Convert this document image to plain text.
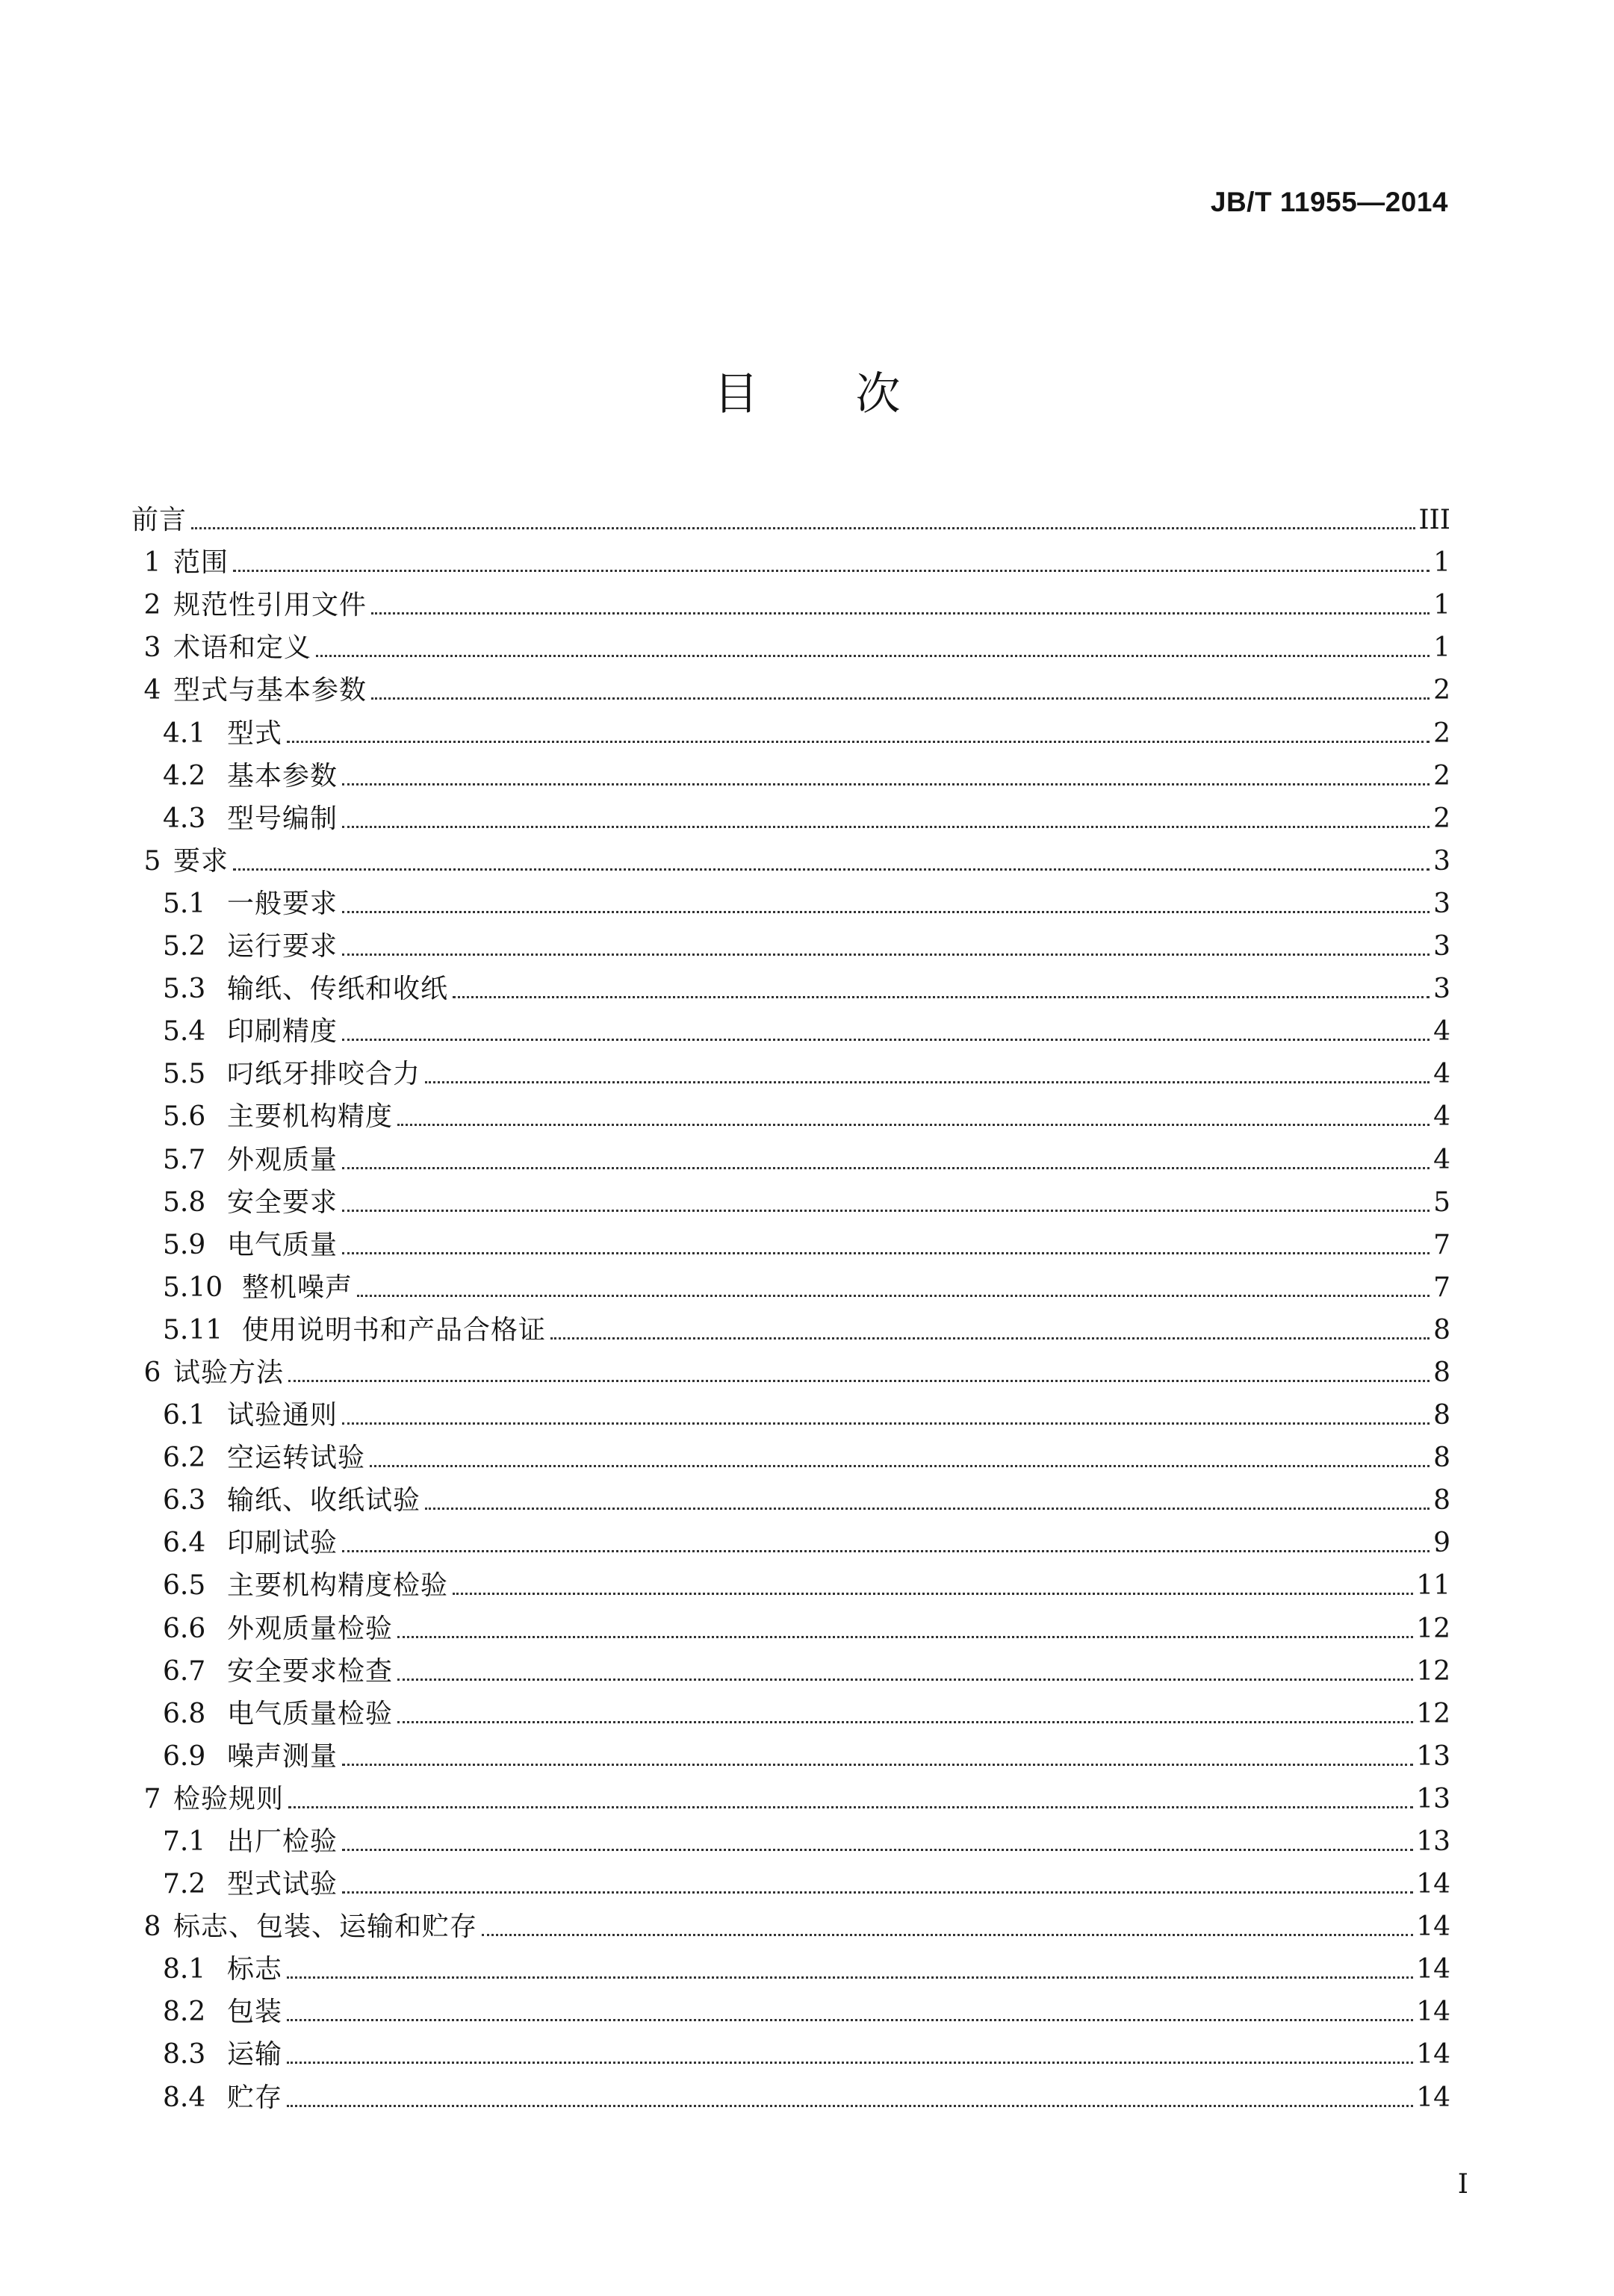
JB/T 11955—2014
目 次
前言	III
1 范围	1
2 规范性引用文件	1
3 术语和定义	1
4 型式与基本参数	2
4.1 型式	2
4.2 基本参数	2
4.3 型号编制	2
5 要求	3
5.1 一般要求	3
5.2 运行要求	3
5.3 输纸、传纸和收纸	3
5.4 印刷精度	4
5.5 叼纸牙排咬合力	4
5.6 主要机构精度	4
5.7 外观质量	4
5.8 安全要求	5
5.9 电气质量	7
5.10 整机噪声	7
5.11 使用说明书和产品合格证	8
6 试验方法	8
6.1 试验通则	8
6.2 空运转试验	8
6.3 输纸、收纸试验	8
6.4 印刷试验	9
6.5 主要机构精度检验	11
6.6 外观质量检验	12
6.7 安全要求检查	12
6.8 电气质量检验	12
6.9 噪声测量	13
7 检验规则	13
7.1 出厂检验	13
7.2 型式试验	14
8 标志、包装、运输和贮存	14
8.1 标志	14
8.2 包装	14
8.3 运输	14
8.4 贮存	14
I
